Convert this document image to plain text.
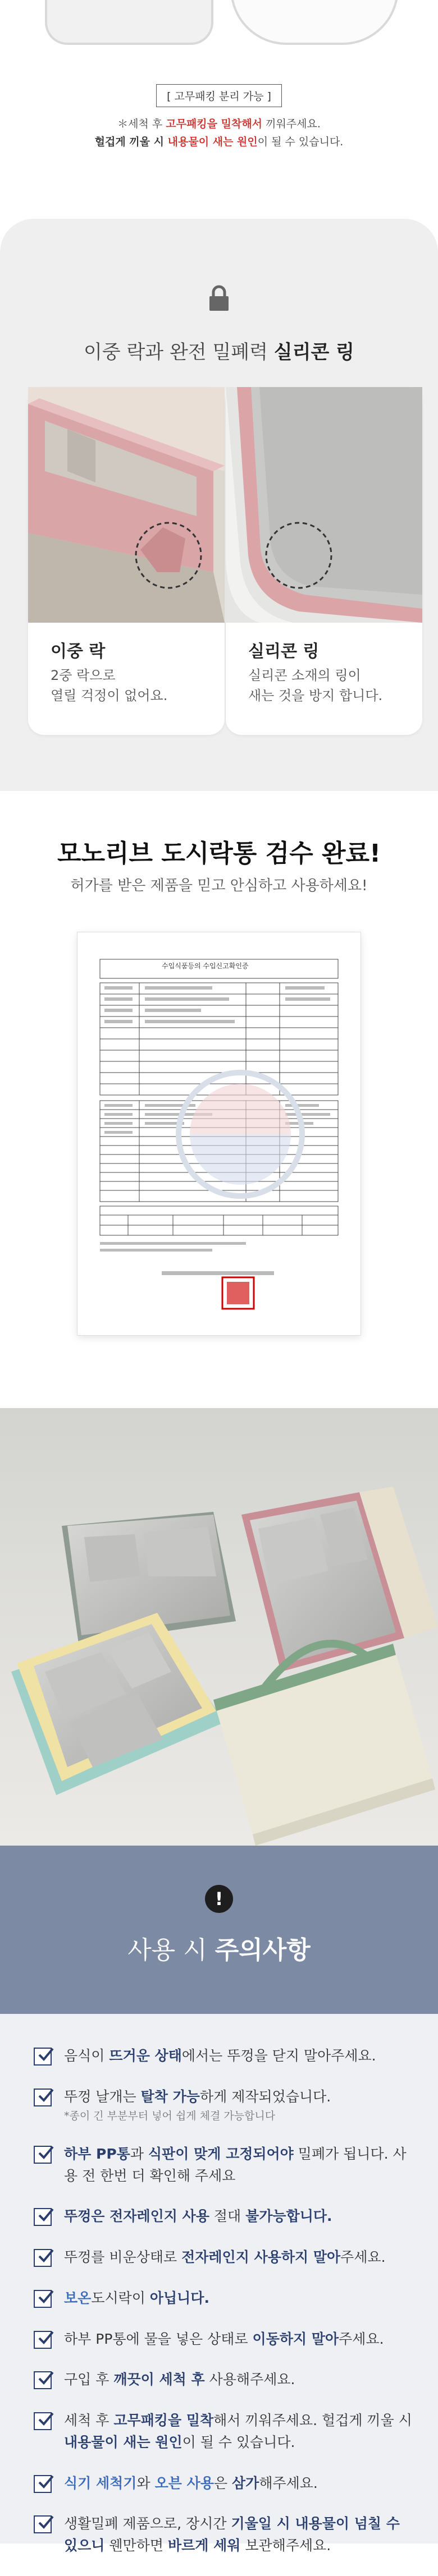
[ 고무패킹 분리 가능 ]
＊세척 후 고무패킹을 밀착해서 끼워주세요.
헐겁게 끼울 시 내용물이 새는 원인이 될 수 있습니다.
이중 락과 완전 밀폐력 실리콘 링
이중 락
2중 락으로
열릴 걱정이 없어요.
실리콘 링
실리콘 소재의 링이
새는 것을 방지 합니다.
모노리브 도시락통 검수 완료!
허가를 받은 제품을 믿고 안심하고 사용하세요!
수입식품등의 수입신고확인증
!
사용 시 주의사항
음식이 뜨거운 상태에서는 뚜껑을 닫지 말아주세요.
뚜껑 날개는 탈착 가능하게 제작되었습니다.
*종이 긴 부분부터 넣어 쉽게 체결 가능합니다
하부 PP통과 식판이 맞게 고정되어야 밀폐가 됩니다. 사용 전 한번 더 확인해 주세요
뚜껑은 전자레인지 사용 절대 불가능합니다.
뚜껑를 비운상태로 전자레인지 사용하지 말아주세요.
보온도시락이 아닙니다.
하부 PP통에 물을 넣은 상태로 이동하지 말아주세요.
구입 후 깨끗이 세척 후 사용해주세요.
세척 후 고무패킹을 밀착해서 끼워주세요. 헐겁게 끼울 시 내용물이 새는 원인이 될 수 있습니다.
식기 세척기와 오븐 사용은 삼가해주세요.
생활밀폐 제품으로, 장시간 기울일 시 내용물이 넘칠 수 있으니 웬만하면 바르게 세워 보관해주세요.
